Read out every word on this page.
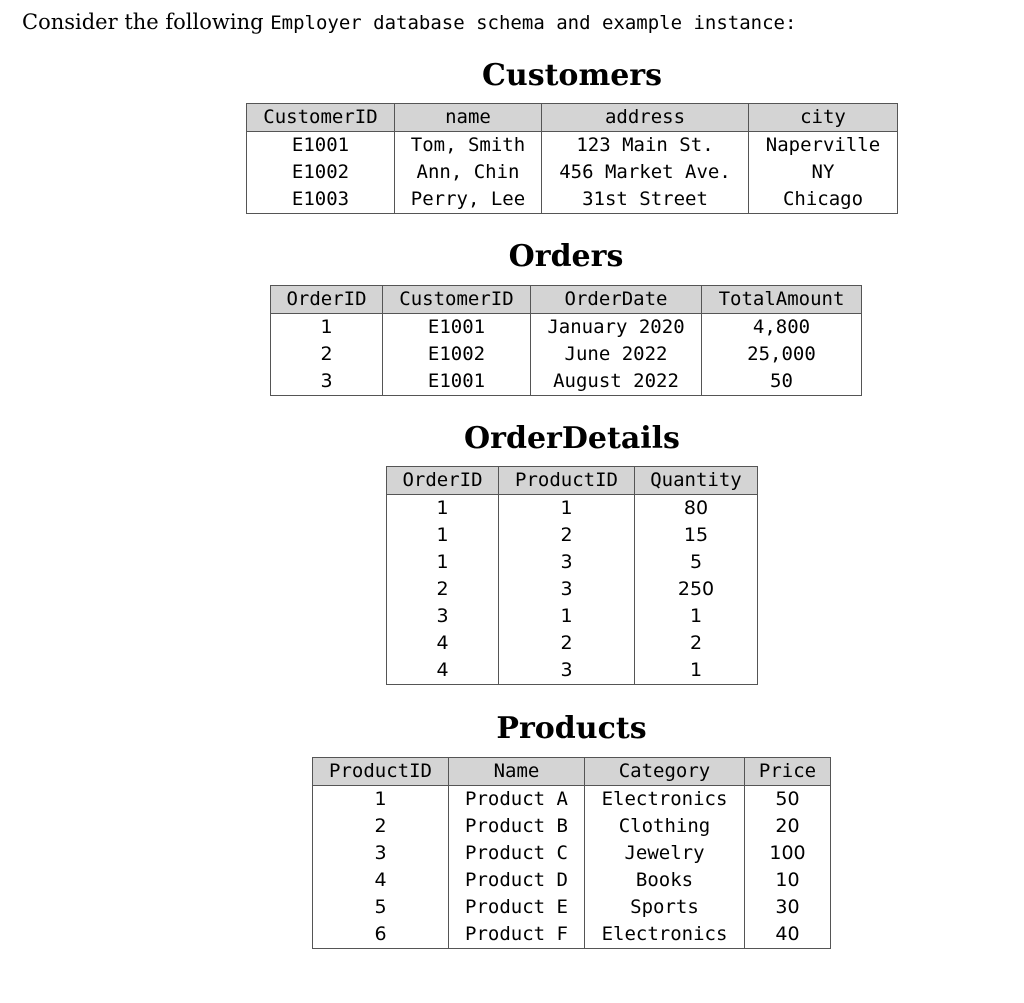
Consider the following Employer database schema and example instance:
Customers
CustomerID	name	address	city
E1001	Tom, Smith	123 Main St.	Naperville
E1002	Ann, Chin	456 Market Ave.	NY
E1003	Perry, Lee	31st Street	Chicago
Orders
OrderID	CustomerID	OrderDate	TotalAmount
1	E1001	January 2020	4,800
2	E1002	June 2022	25,000
3	E1001	August 2022	50
OrderDetails
OrderID	ProductID	Quantity
1	1	80
1	2	15
1	3	5
2	3	250
3	1	1
4	2	2
4	3	1
Products
ProductID	Name	Category	Price
1	Product A	Electronics	50
2	Product B	Clothing	20
3	Product C	Jewelry	100
4	Product D	Books	10
5	Product E	Sports	30
6	Product F	Electronics	40
